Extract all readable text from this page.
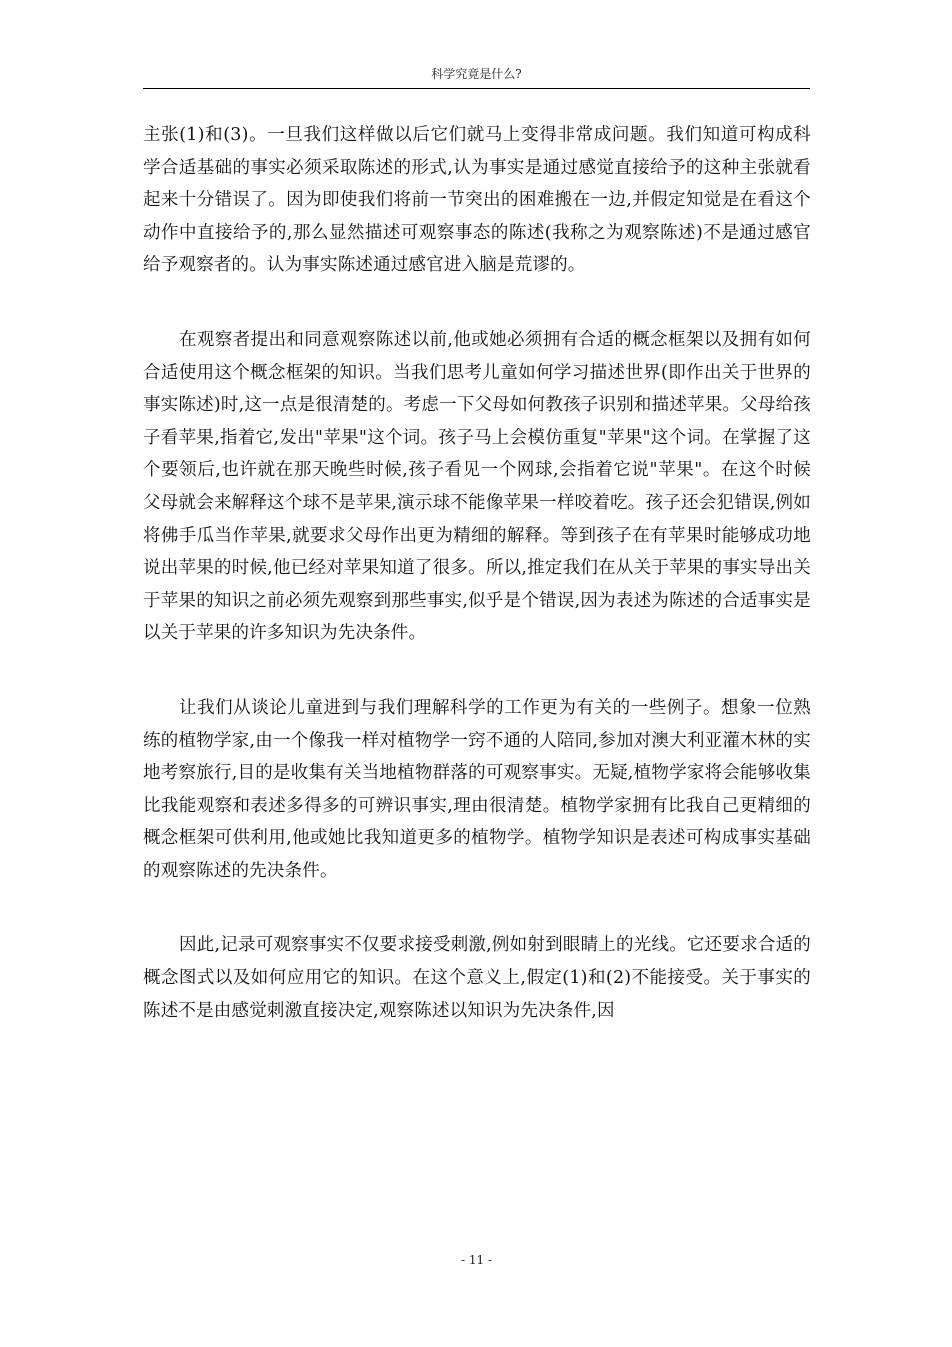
科学究竟是什么?

主张(1)和(3)。一旦我们这样做以后它们就马上变得非常成问题。我们知道可构成科学合适基础的事实必须采取陈述的形式,认为事实是通过感觉直接给予的这种主张就看起来十分错误了。因为即使我们将前一节突出的困难搬在一边,并假定知觉是在看这个动作中直接给予的,那么显然描述可观察事态的陈述(我称之为观察陈述)不是通过感官给予观察者的。认为事实陈述通过感官进入脑是荒谬的。

在观察者提出和同意观察陈述以前,他或她必须拥有合适的概念框架以及拥有如何合适使用这个概念框架的知识。当我们思考儿童如何学习描述世界(即作出关于世界的事实陈述)时,这一点是很清楚的。考虑一下父母如何教孩子识别和描述苹果。父母给孩子看苹果,指着它,发出"苹果"这个词。孩子马上会模仿重复"苹果"这个词。在掌握了这个要领后,也许就在那天晚些时候,孩子看见一个网球,会指着它说"苹果"。在这个时候父母就会来解释这个球不是苹果,演示球不能像苹果一样咬着吃。孩子还会犯错误,例如将佛手瓜当作苹果,就要求父母作出更为精细的解释。等到孩子在有苹果时能够成功地说出苹果的时候,他已经对苹果知道了很多。所以,推定我们在从关于苹果的事实导出关于苹果的知识之前必须先观察到那些事实,似乎是个错误,因为表述为陈述的合适事实是以关于苹果的许多知识为先决条件。

让我们从谈论儿童进到与我们理解科学的工作更为有关的一些例子。想象一位熟练的植物学家,由一个像我一样对植物学一窍不通的人陪同,参加对澳大利亚灌木林的实地考察旅行,目的是收集有关当地植物群落的可观察事实。无疑,植物学家将会能够收集比我能观察和表述多得多的可辨识事实,理由很清楚。植物学家拥有比我自己更精细的概念框架可供利用,他或她比我知道更多的植物学。植物学知识是表述可构成事实基础的观察陈述的先决条件。

因此,记录可观察事实不仅要求接受刺激,例如射到眼睛上的光线。它还要求合适的概念图式以及如何应用它的知识。在这个意义上,假定(1)和(2)不能接受。关于事实的陈述不是由感觉刺激直接决定,观察陈述以知识为先决条件,因

- 11 -
